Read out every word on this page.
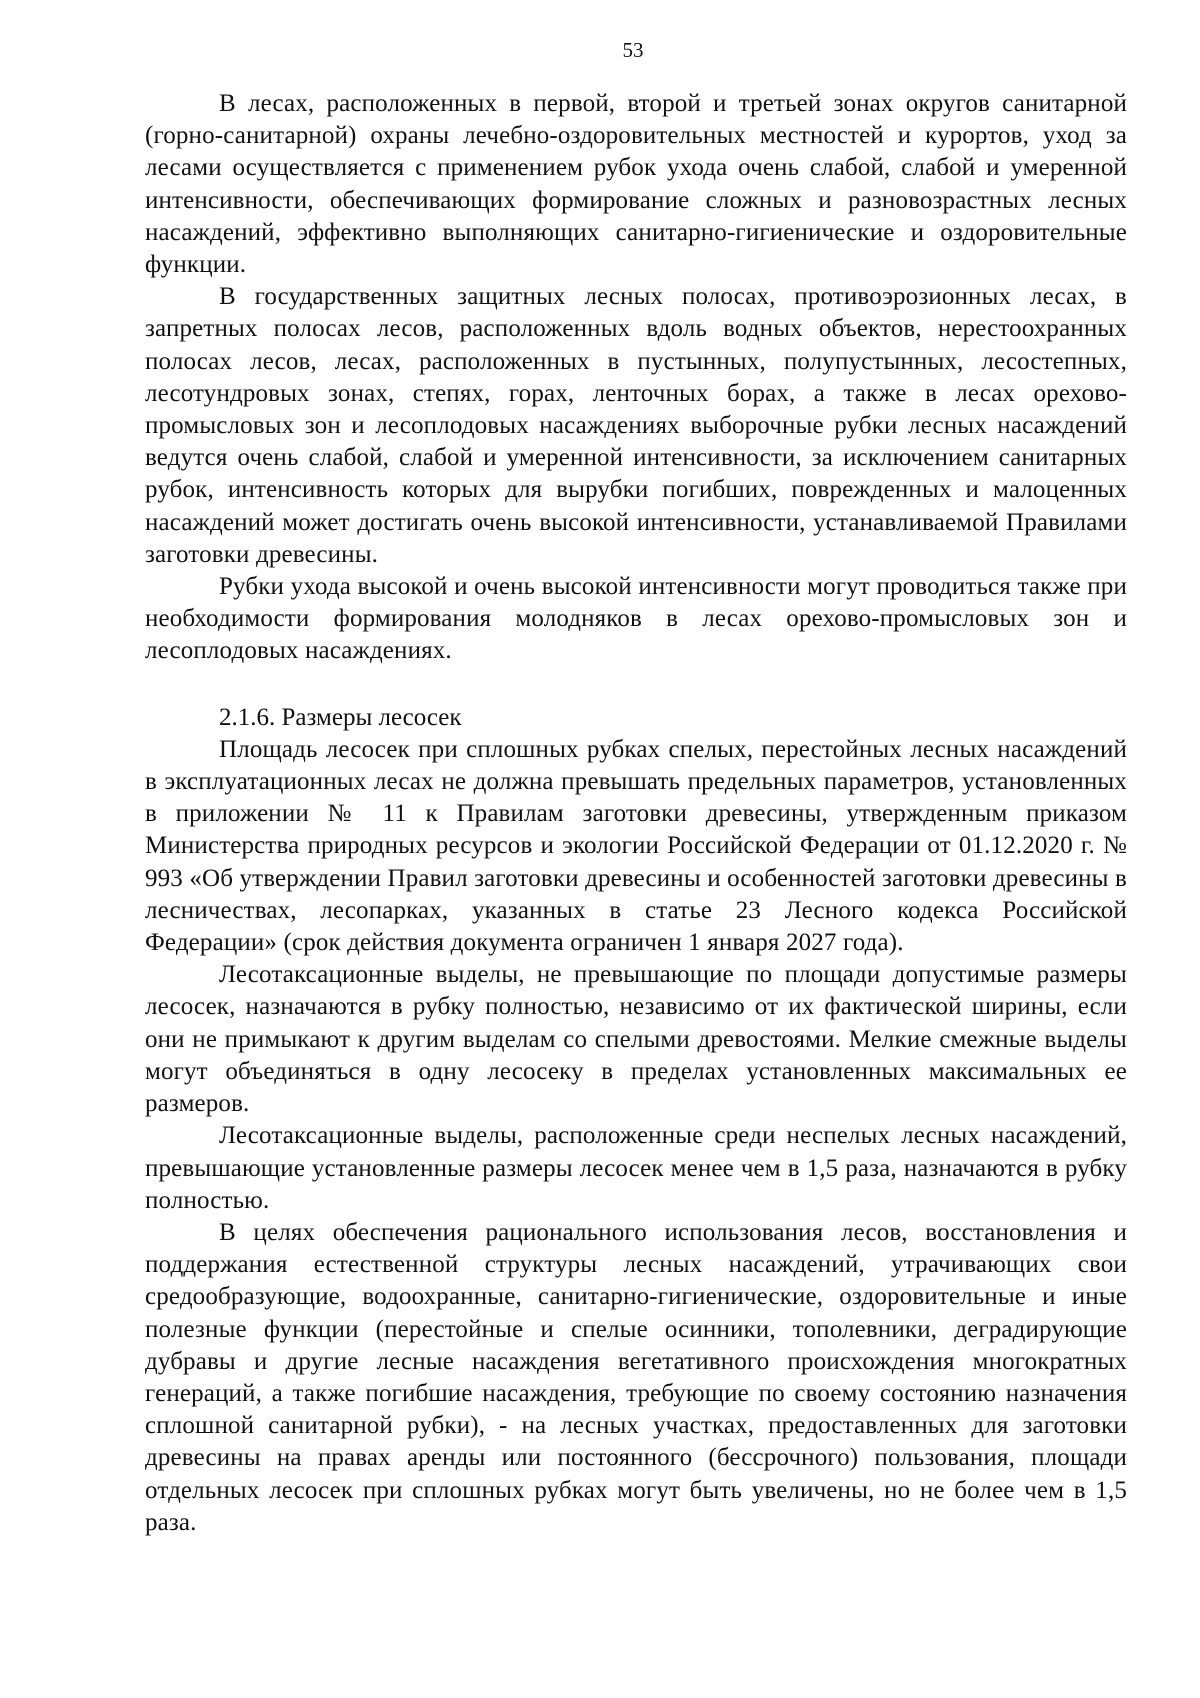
53

В лесах, расположенных в первой, второй и третьей зонах округов санитарной (горно-санитарной) охраны лечебно-оздоровительных местностей и курортов, уход за лесами осуществляется с применением рубок ухода очень слабой, слабой и умеренной интенсивности, обеспечивающих формирование сложных и разновозрастных лесных насаждений, эффективно выполняющих санитарно-гигиенические и оздоровительные функции.

В государственных защитных лесных полосах, противоэрозионных лесах, в запретных полосах лесов, расположенных вдоль водных объектов, нерестоохранных полосах лесов, лесах, расположенных в пустынных, полупустынных, лесостепных, лесотундровых зонах, степях, горах, ленточных борах, а также в лесах орехово-промысловых зон и лесоплодовых насаждениях выборочные рубки лесных насаждений ведутся очень слабой, слабой и умеренной интенсивности, за исключением санитарных рубок, интенсивность которых для вырубки погибших, поврежденных и малоценных насаждений может достигать очень высокой интенсивности, устанавливаемой Правилами заготовки древесины.

Рубки ухода высокой и очень высокой интенсивности могут проводиться также при необходимости формирования молодняков в лесах орехово-промысловых зон и лесоплодовых насаждениях.

2.1.6. Размеры лесосек

Площадь лесосек при сплошных рубках спелых, перестойных лесных насаждений в эксплуатационных лесах не должна превышать предельных параметров, установленных в приложении № 11 к Правилам заготовки древесины, утвержденным приказом Министерства природных ресурсов и экологии Российской Федерации от 01.12.2020 г. № 993 «Об утверждении Правил заготовки древесины и особенностей заготовки древесины в лесничествах, лесопарках, указанных в статье 23 Лесного кодекса Российской Федерации» (срок действия документа ограничен 1 января 2027 года).

Лесотаксационные выделы, не превышающие по площади допустимые размеры лесосек, назначаются в рубку полностью, независимо от их фактической ширины, если они не примыкают к другим выделам со спелыми древостоями. Мелкие смежные выделы могут объединяться в одну лесосеку в пределах установленных максимальных ее размеров.

Лесотаксационные выделы, расположенные среди неспелых лесных насаждений, превышающие установленные размеры лесосек менее чем в 1,5 раза, назначаются в рубку полностью.

В целях обеспечения рационального использования лесов, восстановления и поддержания естественной структуры лесных насаждений, утрачивающих свои средообразующие, водоохранные, санитарно-гигиенические, оздоровительные и иные полезные функции (перестойные и спелые осинники, тополевники, деградирующие дубравы и другие лесные насаждения вегетативного происхождения многократных генераций, а также погибшие насаждения, требующие по своему состоянию назначения сплошной санитарной рубки), - на лесных участках, предоставленных для заготовки древесины на правах аренды или постоянного (бессрочного) пользования, площади отдельных лесосек при сплошных рубках могут быть увеличены, но не более чем в 1,5 раза.
